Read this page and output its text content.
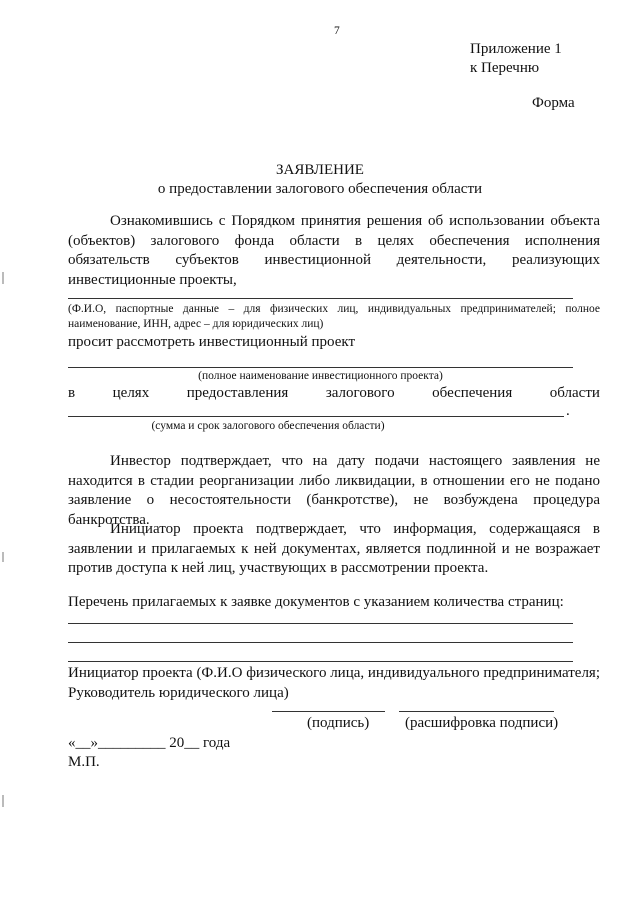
7
Приложение 1
к Перечню
Форма
ЗАЯВЛЕНИЕ
о предоставлении залогового обеспечения области
Ознакомившись с Порядком принятия решения об использовании объекта (объектов) залогового фонда области в целях обеспечения исполнения обязательств субъектов инвестиционной деятельности, реализующих инвестиционные проекты,
(Ф.И.О, паспортные данные – для физических лиц, индивидуальных предпринимателей; полное наименование, ИНН, адрес – для юридических лиц)
просит рассмотреть инвестиционный проект
(полное наименование инвестиционного проекта)
в	целях	предоставления	залогового	обеспечения	области
.
(сумма и срок залогового обеспечения области)
Инвестор подтверждает, что на дату подачи настоящего заявления не находится в стадии реорганизации либо ликвидации, в отношении его не подано заявление о несостоятельности (банкротстве), не возбуждена процедура банкротства.
Инициатор проекта подтверждает, что информация, содержащаяся в заявлении и прилагаемых к ней документах, является подлинной и не возражает против доступа к ней лиц, участвующих в рассмотрении проекта.
Перечень прилагаемых к заявке документов с указанием количества страниц:
Инициатор проекта (Ф.И.О физического лица, индивидуального предпринимателя; Руководитель юридического лица)
(подпись) (расшифровка подписи)
«__»_________ 20__ года
М.П.
